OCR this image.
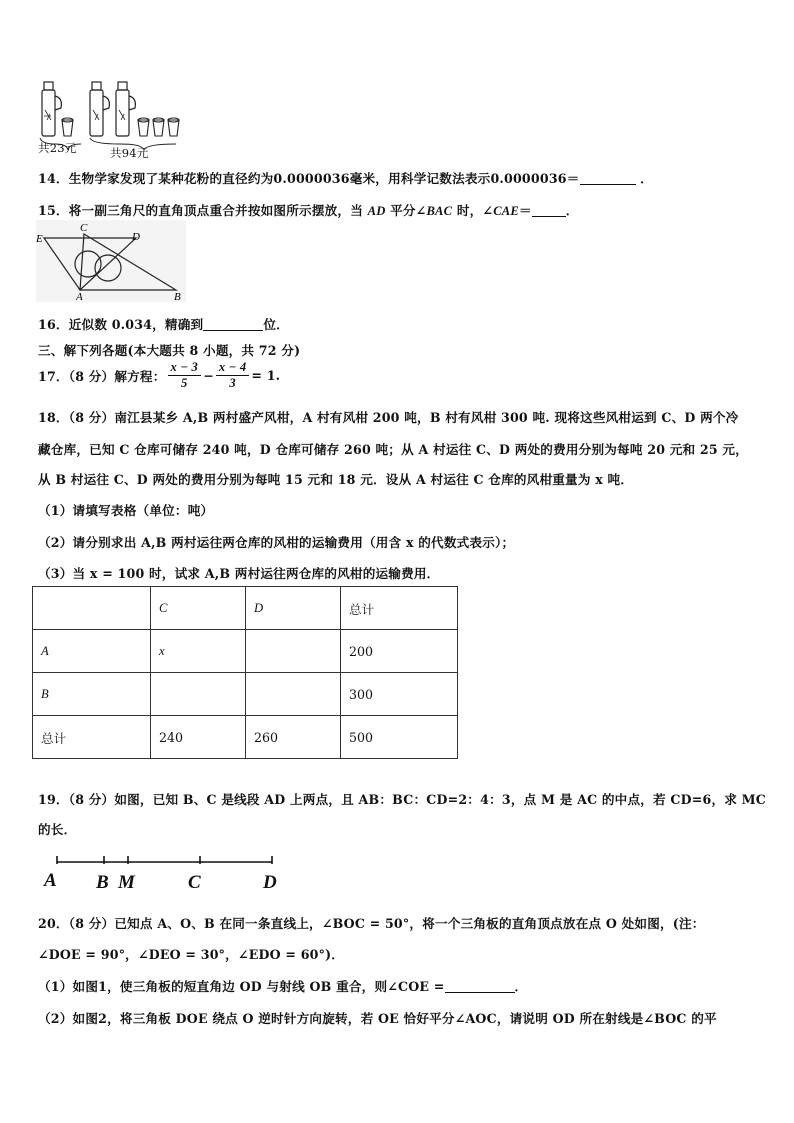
共23元	共94元
14．生物学家发现了某种花粉的直径约为0.0000036毫米，用科学记数法表示0.0000036＝	．
15．将一副三角尺的直角顶点重合并按如图所示摆放，当 AD 平分∠BAC 时，∠CAE＝	．
E
C
D
A	B
16．近似数 0.034，精确到	位．
三、解下列各题(本大题共 8 小题，共 72 分)
17．（8 分）解方程： $\frac{x - 3}{5} - \frac{x - 4}{3} = 1$.
18．（8 分）南江县某乡 A,B 两村盛产风柑，A 村有风柑 200 吨，B 村有风柑 300 吨. 现将这些风柑运到 C、D 两个冷
藏仓库，已知 C 仓库可储存 240 吨，D 仓库可储存 260 吨；从 A 村运往 C、D 两处的费用分别为每吨 20 元和 25 元，
从 B 村运往 C、D 两处的费用分别为每吨 15 元和 18 元．设从 A 村运往 C 仓库的风柑重量为 x 吨．
（1）请填写表格（单位：吨）
（2）请分别求出 A,B 两村运往两仓库的风柑的运输费用（用含 x 的代数式表示）；
（3）当 x = 100 时，试求 A,B 两村运往两仓库的风柑的运输费用．
	C	D	总计
A	x		200
B			300
总计	240	260	500
19．（8 分）如图，已知 B、C 是线段 AD 上两点，且 AB：BC：CD=2：4：3，点 M 是 AC 的中点，若 CD=6，求 MC
的长．
A B M	C	D
20．（8 分）已知点 A、O、B 在同一条直线上，∠BOC = 50°，将一个三角板的直角顶点放在点 O 处如图，(注：
∠DOE = 90°，∠DEO = 30°，∠EDO = 60°)．
（1）如图1，使三角板的短直角边 OD 与射线 OB 重合，则∠COE =	．
（2）如图2，将三角板 DOE 绕点 O 逆时针方向旋转，若 OE 恰好平分∠AOC，请说明 OD 所在射线是∠BOC 的平
